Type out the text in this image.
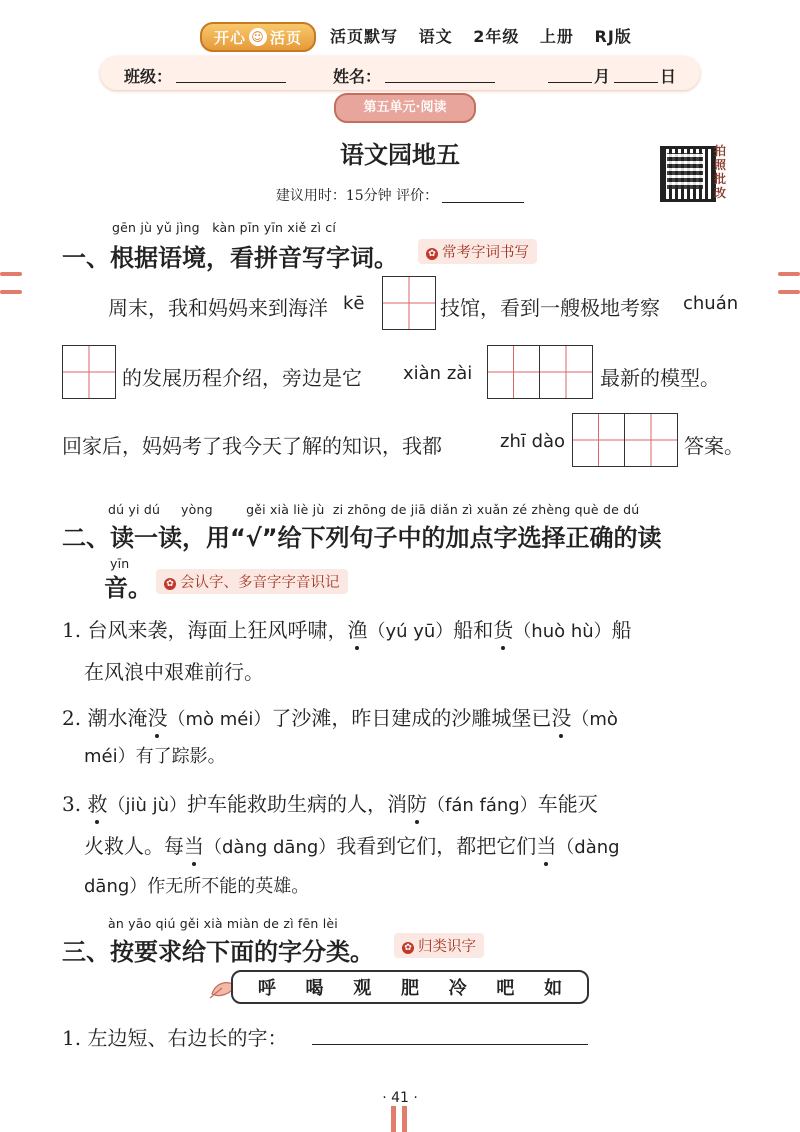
开心 ☺ 活页 活页默写 语文 2年级 上册 RJ版
班级：	姓名：	月	日
第五单元·阅读
语文园地五	拍照批改
建议用时：15分钟 评价：
gēn jù yǔ jìng   kàn pīn yīn xiě zì cí
一、根据语境，看拼音写字词。	✿ 常考字词书写
周末，我和妈妈来到海洋 kē	技馆，看到一艘极地考察 chuán
的发展历程介绍，旁边是它 xiàn zài	最新的模型。
回家后，妈妈考了我今天了解的知识，我都	zhī dào	答案。
dú yi dú     yòng        gěi xià liè jù  zi zhōng de jiā diǎn zì xuǎn zé zhèng què de dú
二、读一读，用“√”给下列句子中的加点字选择正确的读
yīn
音。	✿ 会认字、多音字字音识记
1. 台风来袭，海面上狂风呼啸，渔（yú yū）船和货（huò hù）船
在风浪中艰难前行。
2. 潮水淹没（mò méi）了沙滩，昨日建成的沙雕城堡已没（mò
méi）有了踪影。
3. 救（jiù jù）护车能救助生病的人，消防（fán fáng）车能灭
火救人。每当（dàng dāng）我看到它们，都把它们当（dàng
dāng）作无所不能的英雄。
àn yāo qiú gěi xià miàn de zì fēn lèi
三、按要求给下面的字分类。	✿ 归类识字
呼 喝 观 肥 冷 吧 如
1. 左边短、右边长的字：
· 41 ·
